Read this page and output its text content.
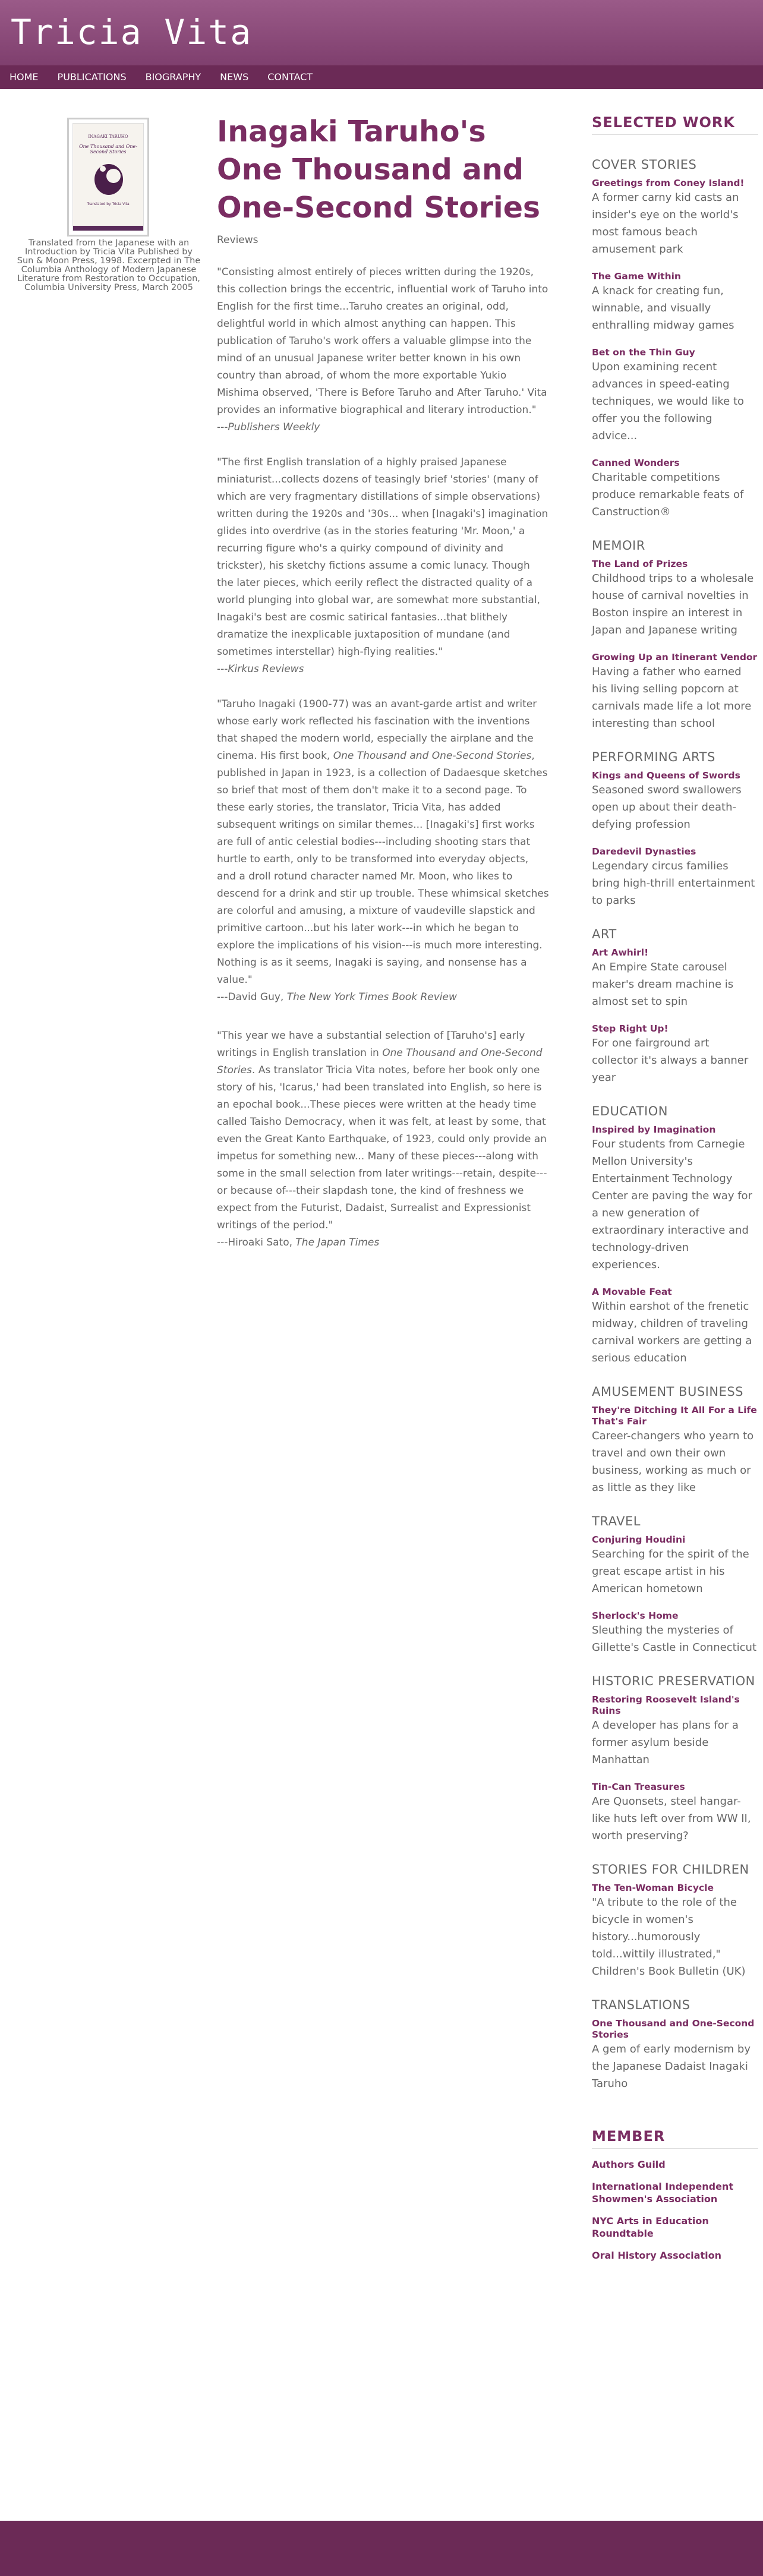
Tricia Vita
HOME PUBLICATIONS BIOGRAPHY NEWS CONTACT
INAGAKI TARUHO
One Thousand and One-Second Stories
Translated by Tricia Vita
Translated from the Japanese with an Introduction by Tricia Vita Published by Sun & Moon Press, 1998. Excerpted in The Columbia Anthology of Modern Japanese Literature from Restoration to Occupation, Columbia University Press, March 2005
Inagaki Taruho's
One Thousand and
One-Second Stories
Reviews
"Consisting almost entirely of pieces written during the 1920s, this collection brings the eccentric, influential work of Taruho into English for the first time...Taruho creates an original, odd, delightful world in which almost anything can happen. This publication of Taruho's work offers a valuable glimpse into the mind of an unusual Japanese writer better known in his own country than abroad, of whom the more exportable Yukio Mishima observed, 'There is Before Taruho and After Taruho.' Vita provides an informative biographical and literary introduction."
---Publishers Weekly
"The first English translation of a highly praised Japanese miniaturist...collects dozens of teasingly brief 'stories' (many of which are very fragmentary distillations of simple observations) written during the 1920s and '30s... when [Inagaki's] imagination glides into overdrive (as in the stories featuring 'Mr. Moon,' a recurring figure who's a quirky compound of divinity and trickster), his sketchy fictions assume a comic lunacy. Though the later pieces, which eerily reflect the distracted quality of a world plunging into global war, are somewhat more substantial, Inagaki's best are cosmic satirical fantasies...that blithely dramatize the inexplicable juxtaposition of mundane (and sometimes interstellar) high-flying realities."
---Kirkus Reviews
"Taruho Inagaki (1900-77) was an avant-garde artist and writer whose early work reflected his fascination with the inventions that shaped the modern world, especially the airplane and the cinema. His first book, One Thousand and One-Second Stories, published in Japan in 1923, is a collection of Dadaesque sketches so brief that most of them don't make it to a second page. To these early stories, the translator, Tricia Vita, has added subsequent writings on similar themes... [Inagaki's] first works are full of antic celestial bodies---including shooting stars that hurtle to earth, only to be transformed into everyday objects, and a droll rotund character named Mr. Moon, who likes to descend for a drink and stir up trouble. These whimsical sketches are colorful and amusing, a mixture of vaudeville slapstick and primitive cartoon...but his later work---in which he began to explore the implications of his vision---is much more interesting. Nothing is as it seems, Inagaki is saying, and nonsense has a value."
---David Guy, The New York Times Book Review
"This year we have a substantial selection of [Taruho's] early writings in English translation in One Thousand and One-Second Stories. As translator Tricia Vita notes, before her book only one story of his, 'Icarus,' had been translated into English, so here is an epochal book...These pieces were written at the heady time called Taisho Democracy, when it was felt, at least by some, that even the Great Kanto Earthquake, of 1923, could only provide an impetus for something new... Many of these pieces---along with some in the small selection from later writings---retain, despite---or because of---their slapdash tone, the kind of freshness we expect from the Futurist, Dadaist, Surrealist and Expressionist writings of the period."
---Hiroaki Sato, The Japan Times
SELECTED WORK
COVER STORIES
Greetings from Coney Island!
A former carny kid casts an insider's eye on the world's most famous beach amusement park
The Game Within
A knack for creating fun, winnable, and visually enthralling midway games
Bet on the Thin Guy
Upon examining recent advances in speed-eating techniques, we would like to offer you the following advice...
Canned Wonders
Charitable competitions produce remarkable feats of Canstruction®
MEMOIR
The Land of Prizes
Childhood trips to a wholesale house of carnival novelties in Boston inspire an interest in Japan and Japanese writing
Growing Up an Itinerant Vendor
Having a father who earned his living selling popcorn at carnivals made life a lot more interesting than school
PERFORMING ARTS
Kings and Queens of Swords
Seasoned sword swallowers open up about their death-defying profession
Daredevil Dynasties
Legendary circus families bring high-thrill entertainment to parks
ART
Art Awhirl!
An Empire State carousel maker's dream machine is almost set to spin
Step Right Up!
For one fairground art collector it's always a banner year
EDUCATION
Inspired by Imagination
Four students from Carnegie Mellon University's Entertainment Technology Center are paving the way for a new generation of extraordinary interactive and technology-driven experiences.
A Movable Feat
Within earshot of the frenetic midway, children of traveling carnival workers are getting a serious education
AMUSEMENT BUSINESS
They're Ditching It All For a Life That's Fair
Career-changers who yearn to travel and own their own business, working as much or as little as they like
TRAVEL
Conjuring Houdini
Searching for the spirit of the great escape artist in his American hometown
Sherlock's Home
Sleuthing the mysteries of Gillette's Castle in Connecticut
HISTORIC PRESERVATION
Restoring Roosevelt Island's Ruins
A developer has plans for a former asylum beside Manhattan
Tin-Can Treasures
Are Quonsets, steel hangar-like huts left over from WW II, worth preserving?
STORIES FOR CHILDREN
The Ten-Woman Bicycle
"A tribute to the role of the bicycle in women's history...humorously told...wittily illustrated," Children's Book Bulletin (UK)
TRANSLATIONS
One Thousand and One-Second Stories
A gem of early modernism by the Japanese Dadaist Inagaki Taruho
MEMBER
Authors Guild
International Independent Showmen's Association
NYC Arts in Education Roundtable
Oral History Association
